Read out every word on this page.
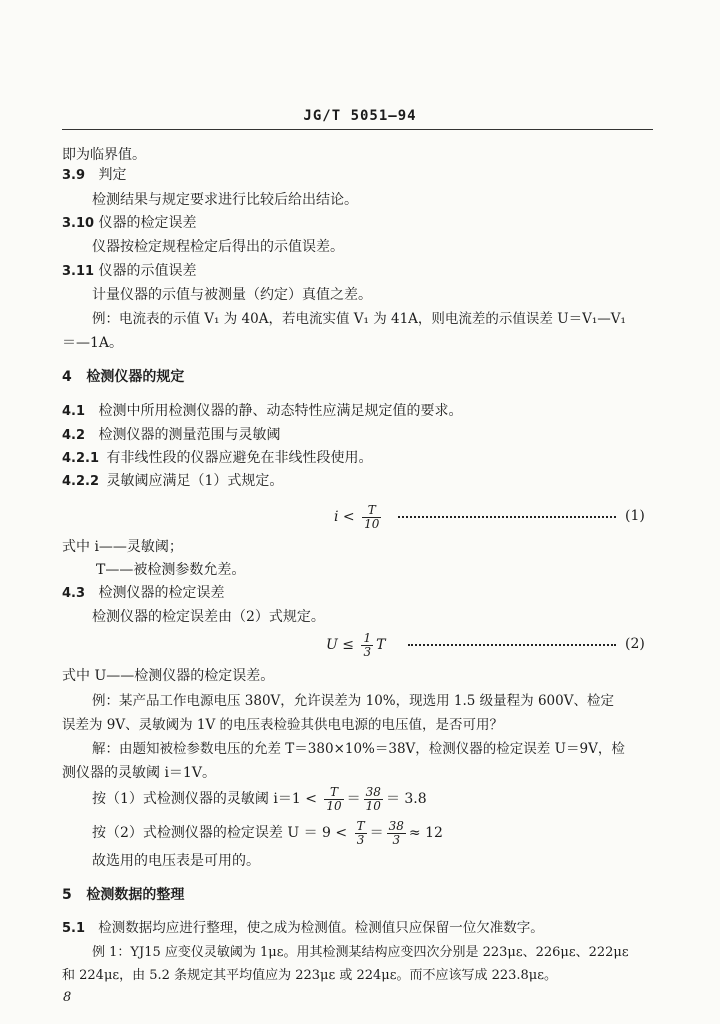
JG/T 5051—94
即为临界值。
3.9 判定
检测结果与规定要求进行比较后给出结论。
3.10 仪器的检定误差
仪器按检定规程检定后得出的示值误差。
3.11 仪器的示值误差
计量仪器的示值与被测量（约定）真值之差。
例：电流表的示值 V₁ 为 40A，若电流实值 V₁ 为 41A，则电流差的示值误差 U＝V₁—V₁
＝—1A。
4 检测仪器的规定
4.1 检测中所用检测仪器的静、动态特性应满足规定值的要求。
4.2 检测仪器的测量范围与灵敏阈
4.2.1 有非线性段的仪器应避免在非线性段使用。
4.2.2 灵敏阈应满足（1）式规定。
$i < \frac{T}{10}$	(1)
式中 i——灵敏阈；
T——被检测参数允差。
4.3 检测仪器的检定误差
检测仪器的检定误差由（2）式规定。
$U \le \frac{1}{3}$ T	(2)
式中 U——检测仪器的检定误差。
例：某产品工作电源电压 380V，允许误差为 10%，现选用 1.5 级量程为 600V、检定
误差为 9V、灵敏阈为 1V 的电压表检验其供电电源的电压值，是否可用？
解：由题知被检参数电压的允差 T＝380×10%＝38V，检测仪器的检定误差 U＝9V，检
测仪器的灵敏阈 i＝1V。
按（1）式检测仪器的灵敏阈 $i=1 < \frac{T}{10} = \frac{38}{10} = 3.8$
按（2）式检测仪器的检定误差 $U = 9 < \frac{T}{3} = \frac{38}{3} \approx 12$
故选用的电压表是可用的。
5 检测数据的整理
5.1 检测数据均应进行整理，使之成为检测值。检测值只应保留一位欠准数字。
例 1：YJ15 应变仪灵敏阈为 1με。用其检测某结构应变四次分别是 223με、226με、222με
和 224με，由 5.2 条规定其平均值应为 223με 或 224με。而不应该写成 223.8με。
8
